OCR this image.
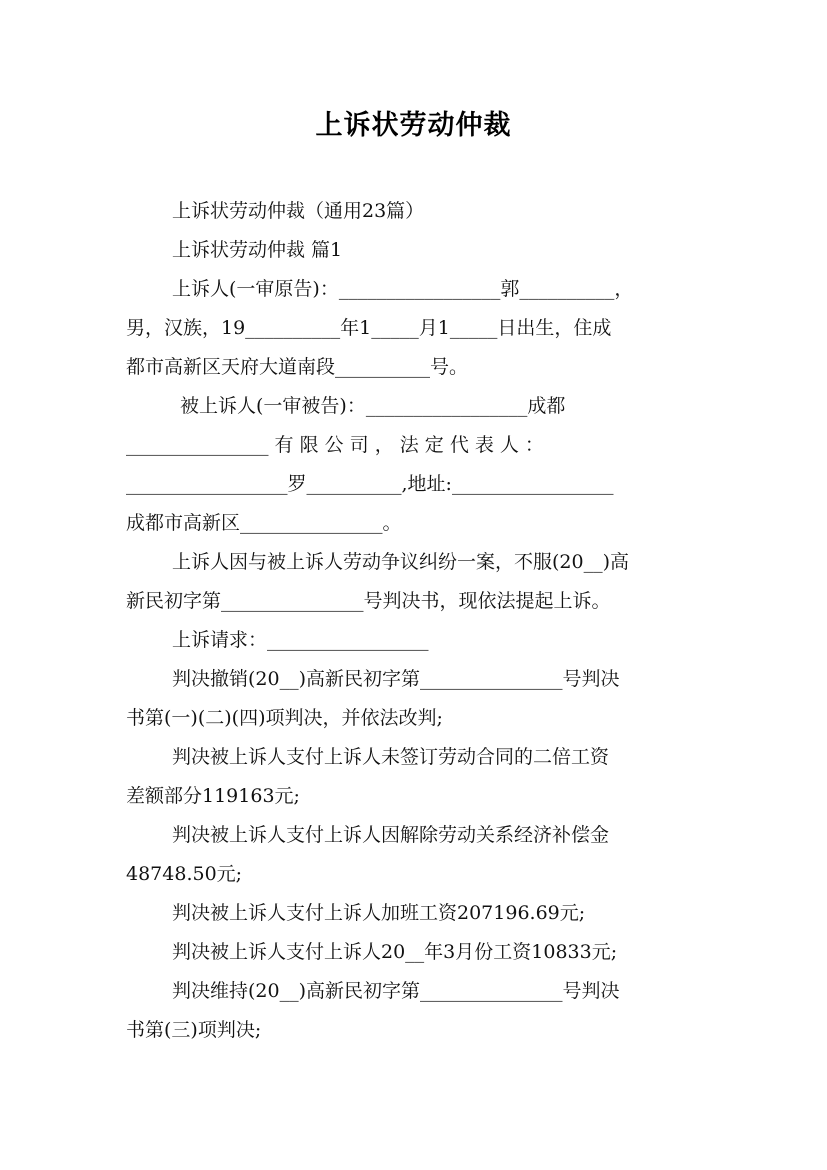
上诉状劳动仲裁
上诉状劳动仲裁（通用23篇）
上诉状劳动仲裁 篇1
上诉人(一审原告)：_________________郭__________，
男，汉族，19__________年1_____月1_____日出生，住成
都市高新区天府大道南段__________号。
被上诉人(一审被告)：_________________成都
_______________ 有 限 公 司 ， 法 定 代 表 人 ：
_________________罗__________,地址:_________________
成都市高新区_______________。
上诉人因与被上诉人劳动争议纠纷一案，不服(20__)高
新民初字第_______________号判决书，现依法提起上诉。
上诉请求：_________________
判决撤销(20__)高新民初字第_______________号判决
书第(一)(二)(四)项判决，并依法改判;
判决被上诉人支付上诉人未签订劳动合同的二倍工资
差额部分119163元;
判决被上诉人支付上诉人因解除劳动关系经济补偿金
48748.50元;
判决被上诉人支付上诉人加班工资207196.69元;
判决被上诉人支付上诉人20__年3月份工资10833元;
判决维持(20__)高新民初字第_______________号判决
书第(三)项判决;
